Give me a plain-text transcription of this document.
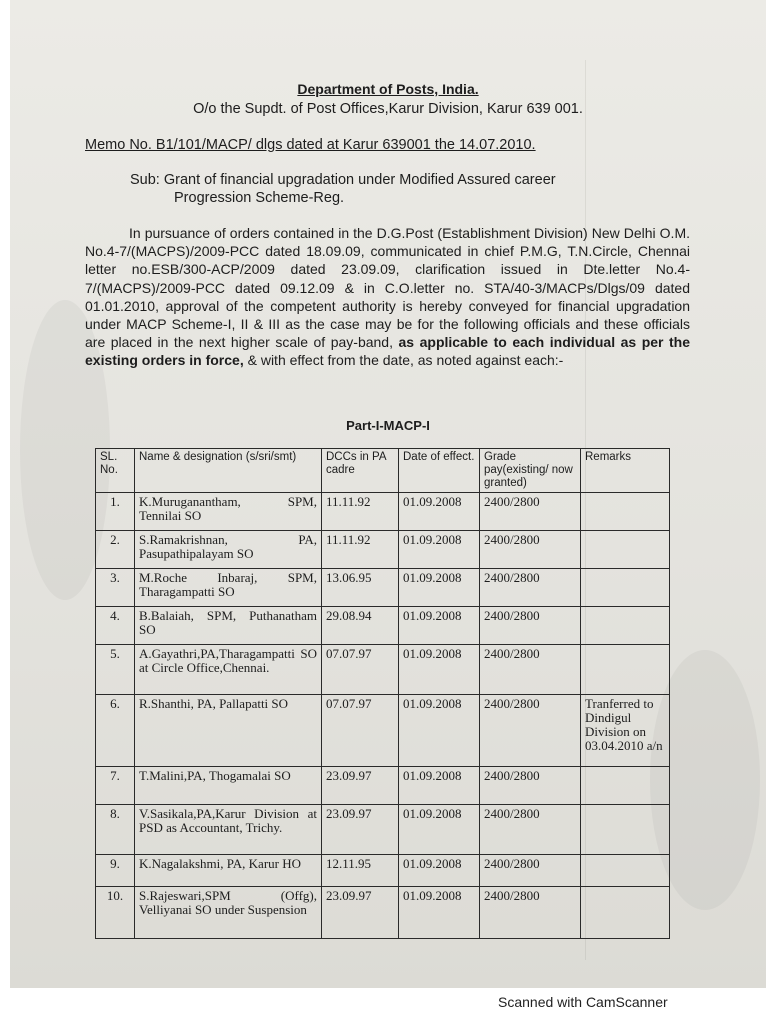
Department of Posts, India.
O/o the Supdt. of Post Offices,Karur Division, Karur 639 001.
Memo No. B1/101/MACP/ dlgs dated at Karur 639001 the 14.07.2010.
Sub: Grant of financial upgradation under Modified Assured career
Progression Scheme-Reg.
In pursuance of orders contained in the D.G.Post (Establishment Division) New Delhi O.M. No.4-7/(MACPS)/2009-PCC dated 18.09.09, communicated in chief P.M.G, T.N.Circle, Chennai letter no.ESB/300-ACP/2009 dated 23.09.09, clarification issued in Dte.letter No.4-7/(MACPS)/2009-PCC dated 09.12.09 & in C.O.letter no. STA/40-3/MACPs/Dlgs/09 dated 01.01.2010, approval of the competent authority is hereby conveyed for financial upgradation under MACP Scheme-I, II & III as the case may be for the following officials and these officials are placed in the next higher scale of pay-band, as applicable to each individual as per the existing orders in force, & with effect from the date, as noted against each:-
Part-I-MACP-I
SL. No.	Name & designation (s/sri/smt)	DCCs in PA cadre	Date of effect.	Grade pay(existing/ now granted)	Remarks
1.	K.Muruganantham, SPM, Tennilai SO	11.11.92	01.09.2008	2400/2800	
2.	S.Ramakrishnan, PA, Pasupathipalayam SO	11.11.92	01.09.2008	2400/2800	
3.	M.Roche Inbaraj, SPM, Tharagampatti SO	13.06.95	01.09.2008	2400/2800	
4.	B.Balaiah, SPM, Puthanatham SO	29.08.94	01.09.2008	2400/2800	
5.	A.Gayathri,PA,Tharagampatti SO at Circle Office,Chennai.	07.07.97	01.09.2008	2400/2800	
6.	R.Shanthi, PA, Pallapatti SO	07.07.97	01.09.2008	2400/2800	Tranferred to Dindigul Division on 03.04.2010 a/n
7.	T.Malini,PA, Thogamalai SO	23.09.97	01.09.2008	2400/2800	
8.	V.Sasikala,PA,Karur Division at PSD as Accountant, Trichy.	23.09.97	01.09.2008	2400/2800	
9.	K.Nagalakshmi, PA, Karur HO	12.11.95	01.09.2008	2400/2800	
10.	S.Rajeswari,SPM (Offg), Velliyanai SO under Suspension	23.09.97	01.09.2008	2400/2800	
Scanned with CamScanner
